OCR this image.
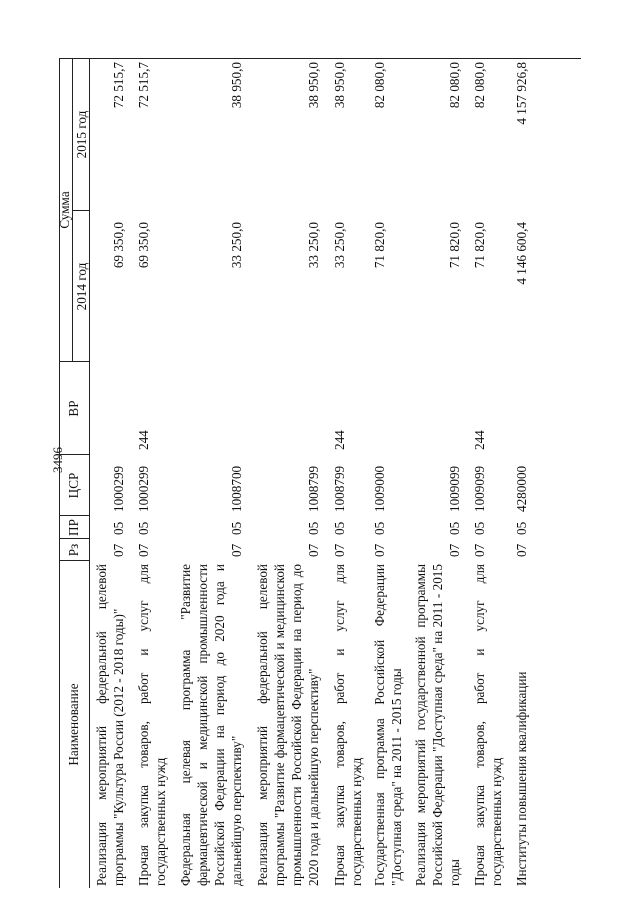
3496
Наименование
Рз
ПР
ЦСР
ВР
Сумма
2014 год
2015 год
Реализация мероприятий федеральной целевой программы "Культура России (2012 - 2018 годы)"
07
05
1000299
69 350,0
72 515,7
Прочая закупка товаров, работ и услуг для государственных нужд
07
05
1000299
244
69 350,0
72 515,7
Федеральная целевая программа "Развитие фармацевтической и медицинской промышленности Российской Федерации на период до 2020 года и дальнейшую перспективу"
07
05
1008700
33 250,0
38 950,0
Реализация мероприятий федеральной целевой программы "Развитие фармацевтической и медицинской промышленности Российской Федерации на период до 2020 года и дальнейшую перспективу"
07
05
1008799
33 250,0
38 950,0
Прочая закупка товаров, работ и услуг для государственных нужд
07
05
1008799
244
33 250,0
38 950,0
Государственная программа Российской Федерации "Доступная среда" на 2011 - 2015 годы
07
05
1009000
71 820,0
82 080,0
Реализация мероприятий государственной программы Российской Федерации "Доступная среда" на 2011 - 2015 годы
07
05
1009099
71 820,0
82 080,0
Прочая закупка товаров, работ и услуг для государственных нужд
07
05
1009099
244
71 820,0
82 080,0
Институты повышения квалификации
07
05
4280000
4 146 600,4
4 157 926,8
